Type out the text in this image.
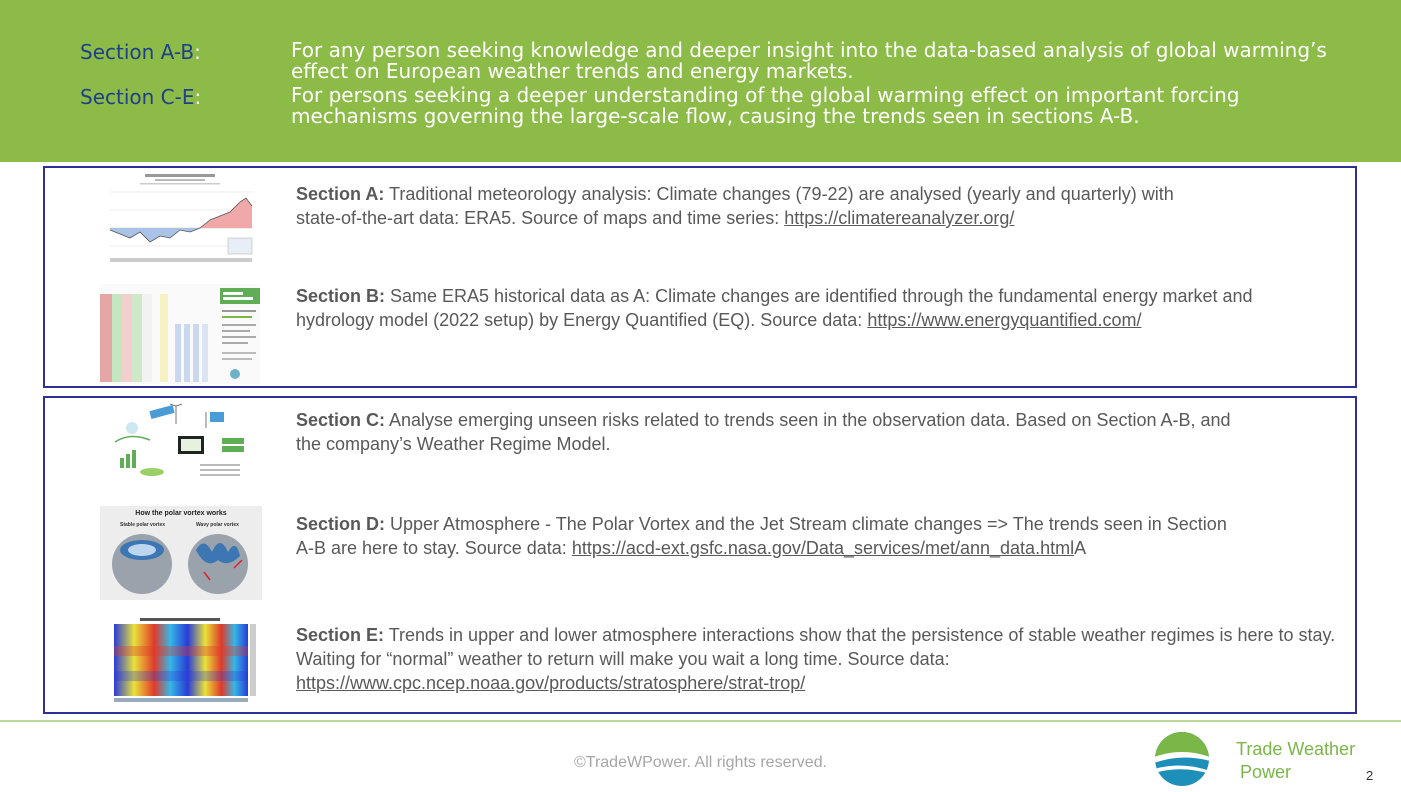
Section A-B:	For any person seeking knowledge and deeper insight into the data-based analysis of global warming’s effect on European weather trends and energy markets.
Section C-E:	For persons seeking a deeper understanding of the global warming effect on important forcing mechanisms governing the large-scale flow, causing the trends seen in sections A-B.
How the polar vortex works
Stable polar vortex	Wavy polar vortex
Section A: Traditional meteorology analysis: Climate changes (79-22) are analysed (yearly and quarterly) with state-of-the-art data: ERA5. Source of maps and time series: https://climatereanalyzer.org/
Section B: Same ERA5 historical data as A: Climate changes are identified through the fundamental energy market and hydrology model (2022 setup) by Energy Quantified (EQ). Source data: https://www.energyquantified.com/
Section C: Analyse emerging unseen risks related to trends seen in the observation data. Based on Section A-B, and the company’s Weather Regime Model.
Section D: Upper Atmosphere - The Polar Vortex and the Jet Stream climate changes => The trends seen in Section A-B are here to stay. Source data: https://acd-ext.gsfc.nasa.gov/Data_services/met/ann_data.htmlA
Section E: Trends in upper and lower atmosphere interactions show that the persistence of stable weather regimes is here to stay. Waiting for “normal” weather to return will make you wait a long time. Source data: https://www.cpc.ncep.noaa.gov/products/stratosphere/strat-trop/
©TradeWPower. All rights reserved.
Trade Weather
Power	2
